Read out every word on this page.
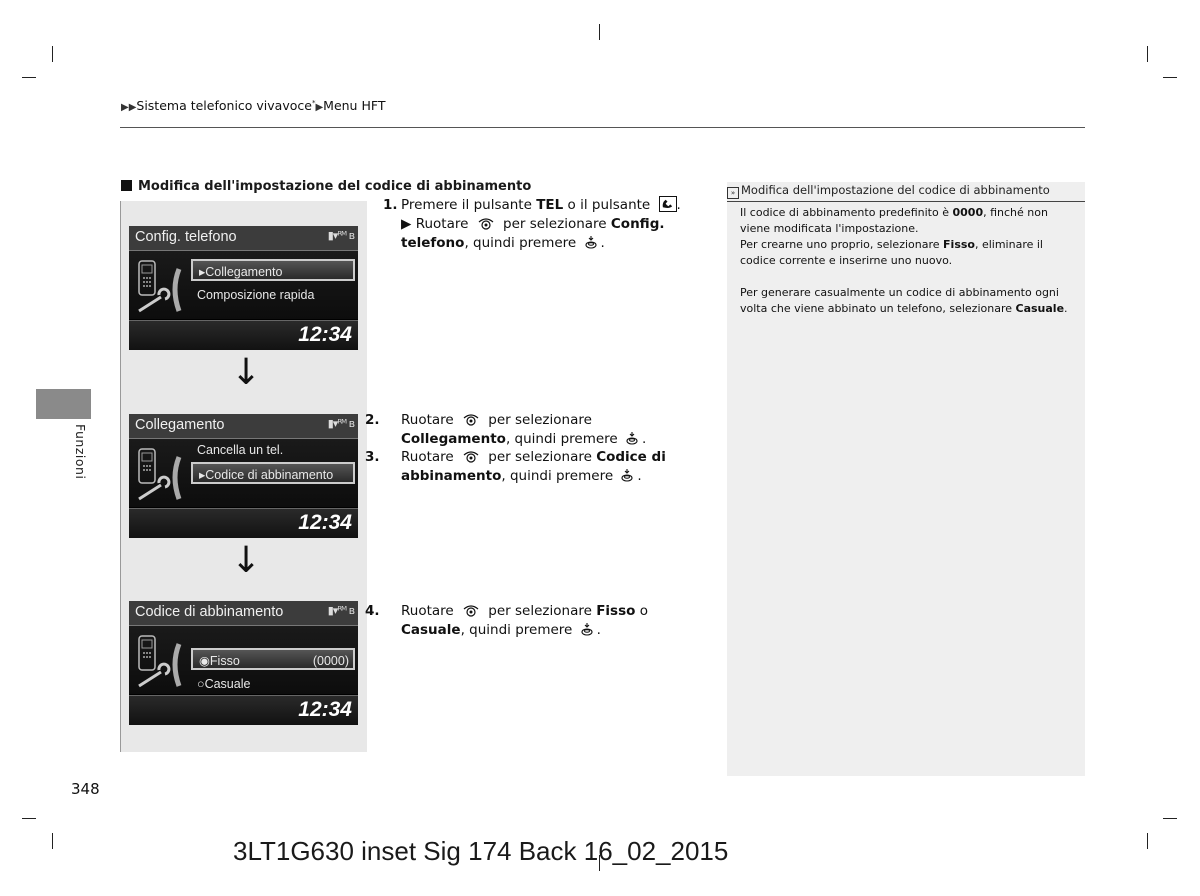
▶▶Sistema telefonico vivavoce*▶Menu HFT
Funzioni
348
3LT1G630 inset Sig 174 Back 16_02_2015
Modifica dell'impostazione del codice di abbinamento
Config. telefono	▮▾ᴿᴹ ʙ
▸Collegamento
Composizione rapida
12:34
↓
Collegamento	▮▾ᴿᴹ ʙ
Cancella un tel.
▸Codice di abbinamento
12:34
↓
Codice di abbinamento	▮▾ᴿᴹ ʙ
◉Fisso	(0000)
○Casuale
12:34
1. Premere il pulsante TEL o il pulsante
.
▶ Ruotare  per selezionare Config. telefono, quindi premere .
2. Ruotare  per selezionare Collegamento, quindi premere .
3. Ruotare  per selezionare Codice di abbinamento, quindi premere .
4. Ruotare  per selezionare Fisso o Casuale, quindi premere .
» Modifica dell'impostazione del codice di abbinamento

Il codice di abbinamento predefinito è 0000, finché non viene modificata l'impostazione.
Per crearne uno proprio, selezionare Fisso, eliminare il codice corrente e inserirne uno nuovo.

Per generare casualmente un codice di abbinamento ogni volta che viene abbinato un telefono, selezionare Casuale.
